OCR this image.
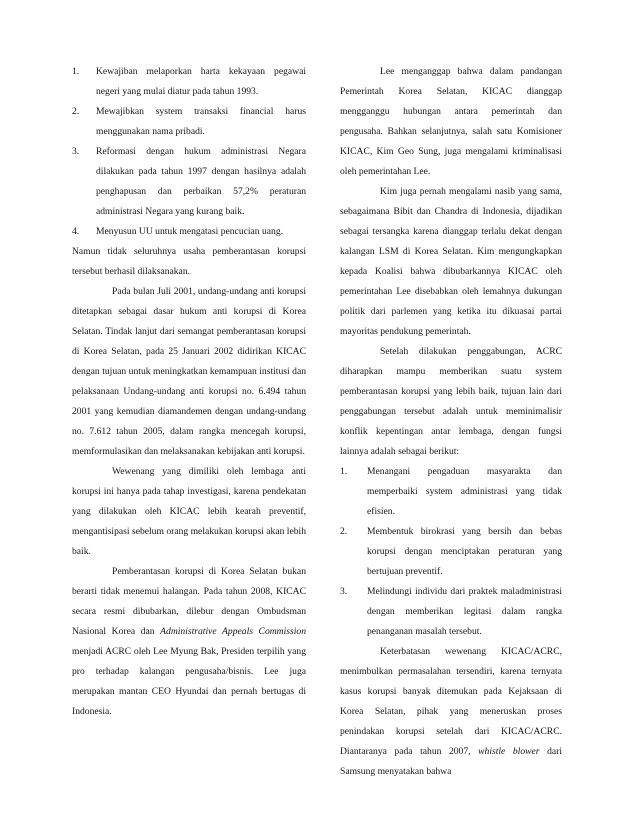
1. Kewajiban melaporkan harta kekayaan pegawai negeri yang mulai diatur pada tahun 1993.
2. Mewajibkan system transaksi financial harus menggunakan nama pribadi.
3. Reformasi dengan hukum administrasi Negara dilakukan pada tahun 1997 dengan hasilnya adalah penghapusan dan perbaikan 57,2% peraturan administrasi Negara yang kurang baik.
4. Menyusun UU untuk mengatasi pencucian uang.

Namun tidak seluruhnya usaha pemberantasan korupsi tersebut berhasil dilaksanakan.

Pada bulan Juli 2001, undang-undang anti korupsi ditetapkan sebagai dasar hukum anti korupsi di Korea Selatan. Tindak lanjut dari semangat pemberantasan korupsi di Korea Selatan, pada 25 Januari 2002 didirikan KICAC dengan tujuan untuk meningkatkan kemampuan institusi dan pelaksanaan Undang-undang anti korupsi no. 6.494 tahun 2001 yang kemudian diamandemen dengan undang-undang no. 7.612 tahun 2005, dalam rangka mencegah korupsi, memformulasikan dan melaksanakan kebijakan anti korupsi.

Wewenang yang dimiliki oleh lembaga anti korupsi ini hanya pada tahap investigasi, karena pendekatan yang dilakukan oleh KICAC lebih kearah preventif, mengantisipasi sebelum orang melakukan korupsi akan lebih baik.

Pemberantasan korupsi di Korea Selatan bukan berarti tidak menemui halangan. Pada tahun 2008, KICAC secara resmi dibubarkan, dilebur dengan Ombudsman Nasional Korea dan Administrative Appeals Commission menjadi ACRC oleh Lee Myung Bak, Presiden terpilih yang pro terhadap kalangan pengusaha/bisnis. Lee juga merupakan mantan CEO Hyundai dan pernah bertugas di Indonesia.

Lee menganggap bahwa dalam pandangan Pemerintah Korea Selatan, KICAC dianggap mengganggu hubungan antara pemerintah dan pengusaha. Bahkan selanjutnya, salah satu Komisioner KICAC, Kim Geo Sung, juga mengalami kriminalisasi oleh pemerintahan Lee.

Kim juga pernah mengalami nasib yang sama, sebagaimana Bibit dan Chandra di Indonesia, dijadikan sebagai tersangka karena dianggap terlalu dekat dengan kalangan LSM di Korea Selatan. Kim mengungkapkan kepada Koalisi bahwa dibubarkannya KICAC oleh pemerintahan Lee disebabkan oleh lemahnya dukungan politik dari parlemen yang ketika itu dikuasai partai mayoritas pendukung pemerintah.

Setelah dilakukan penggabungan, ACRC diharapkan mampu memberikan suatu system pemberantasan korupsi yang lebih baik, tujuan lain dari penggabungan tersebut adalah untuk meminimalisir konflik kepentingan antar lembaga, dengan fungsi lainnya adalah sebagai berikut:

1. Menangani pengaduan masyarakta dan memperbaiki system administrasi yang tidak efisien.
2. Membentuk birokrasi yang bersih dan bebas korupsi dengan menciptakan peraturan yang bertujuan preventif.
3. Melindungi individu dari praktek maladministrasi dengan memberikan legitasi dalam rangka penanganan masalah tersebut.

Keterbatasan wewenang KICAC/ACRC, menimbulkan permasalahan tersendiri, karena ternyata kasus korupsi banyak ditemukan pada Kejaksaan di Korea Selatan, pihak yang meneruskan proses penindakan korupsi setelah dari KICAC/ACRC. Diantaranya pada tahun 2007, whistle blower dari Samsung menyatakan bahwa
